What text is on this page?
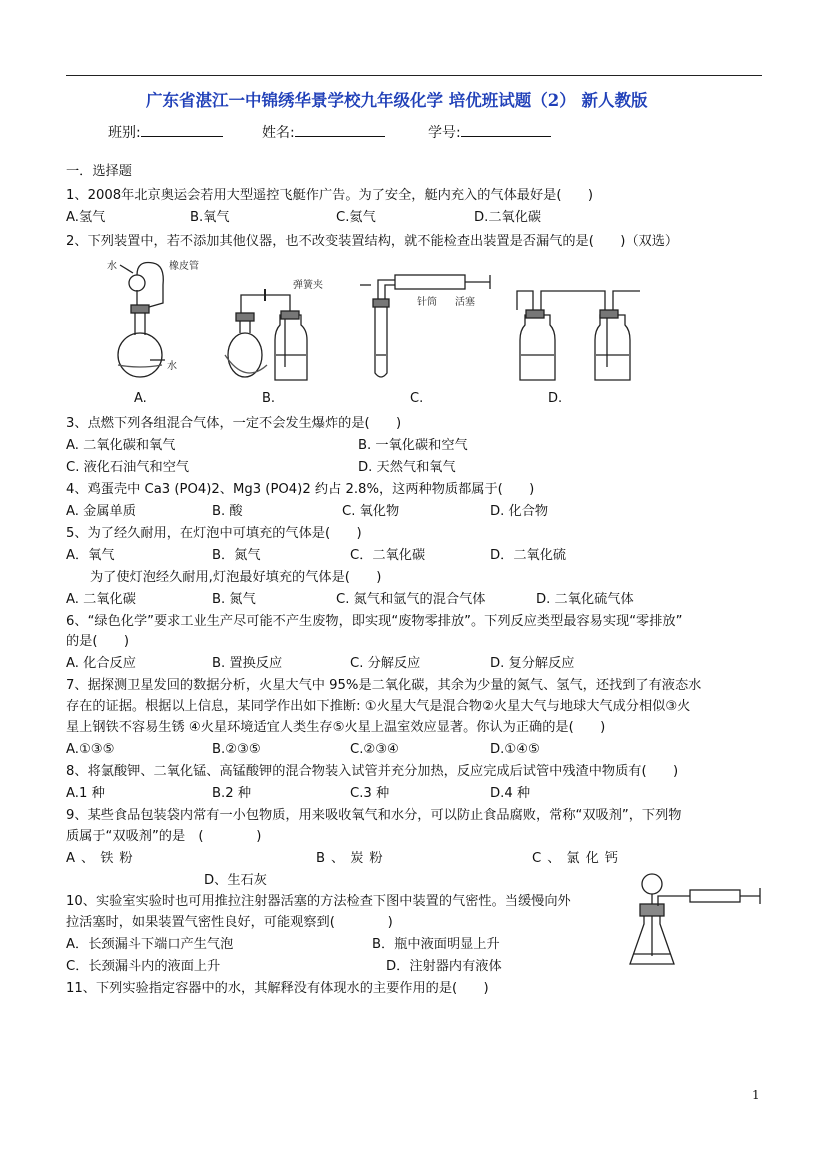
广东省湛江一中锦绣华景学校九年级化学 培优班试题（2） 新人教版
班别:	姓名:	学号:
一．选择题
1、2008年北京奥运会若用大型遥控飞艇作广告。为了安全，艇内充入的气体最好是(　　)
A.氢气	B.氧气	C.氦气	D.二氧化碳
2、下列装置中，若不添加其他仪器，也不改变装置结构，就不能检查出装置是否漏气的是(　　)（双选）
水	橡皮管
水
弹簧夹
针筒 活塞
A.	B.	C.	D.
3、点燃下列各组混合气体，一定不会发生爆炸的是(　　)
A. 二氧化碳和氧气	B. 一氧化碳和空气
C. 液化石油气和空气	D. 天然气和氧气
4、鸡蛋壳中 Ca3 (PO4)2、Mg3 (PO4)2 约占 2.8%，这两种物质都属于(　　)
A. 金属单质	B. 酸	C. 氧化物	D. 化合物
5、为了经久耐用，在灯泡中可填充的气体是(　　)
A．氧气	B．氮气	C．二氧化碳	D．二氧化硫
为了使灯泡经久耐用,灯泡最好填充的气体是(　　)
A. 二氧化碳	B. 氮气	C. 氮气和氩气的混合气体	D. 二氧化硫气体
6、“绿色化学”要求工业生产尽可能不产生废物，即实现“废物零排放”。下列反应类型最容易实现“零排放”
的是(　　)
A. 化合反应	B. 置换反应	C. 分解反应	D. 复分解反应
7、据探测卫星发回的数据分析，火星大气中 95%是二氧化碳，其余为少量的氮气、氢气，还找到了有液态水
存在的证据。根据以上信息，某同学作出如下推断: ①火星大气是混合物②火星大气与地球大气成分相似③火
星上钢铁不容易生锈 ④火星环境适宜人类生存⑤火星上温室效应显著。你认为正确的是(　　)
A.①③⑤	B.②③⑤	C.②③④	D.①④⑤
8、将氯酸钾、二氧化锰、高锰酸钾的混合物装入试管并充分加热，反应完成后试管中残渣中物质有(　　)
A.1 种	B.2 种	C.3 种	D.4 种
9、某些食品包装袋内常有一小包物质，用来吸收氧气和水分，可以防止食品腐败，常称“双吸剂”，下列物
质属于“双吸剂”的是　(　　　　)
A、铁粉	B、炭粉	C、氯化钙
D、生石灰
10、实验室实验时也可用推拉注射器活塞的方法检查下图中装置的气密性。当缓慢向外
拉活塞时，如果装置气密性良好，可能观察到(　　　　)
A．长颈漏斗下端口产生气泡	B．瓶中液面明显上升
C．长颈漏斗内的液面上升	D．注射器内有液体
11、下列实验指定容器中的水，其解释没有体现水的主要作用的是(　　)
1
